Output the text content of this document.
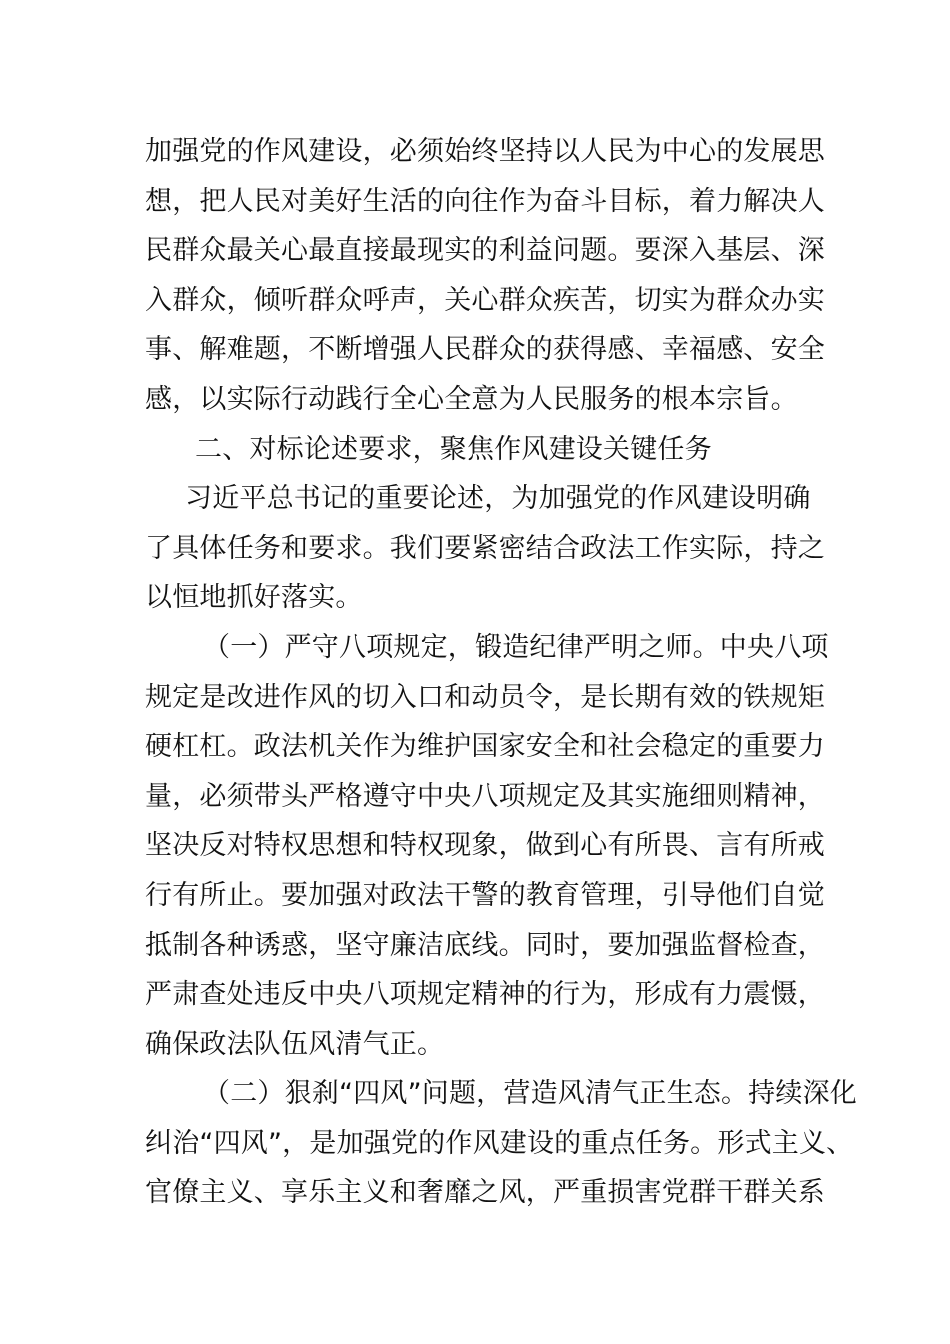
加强党的作风建设，必须始终坚持以人民为中心的发展思
想，把人民对美好生活的向往作为奋斗目标，着力解决人
民群众最关心最直接最现实的利益问题。要深入基层、深
入群众，倾听群众呼声，关心群众疾苦，切实为群众办实
事、解难题，不断增强人民群众的获得感、幸福感、安全
感，以实际行动践行全心全意为人民服务的根本宗旨。
二、对标论述要求，聚焦作风建设关键任务
习近平总书记的重要论述，为加强党的作风建设明确
了具体任务和要求。我们要紧密结合政法工作实际，持之
以恒地抓好落实。
（一）严守八项规定，锻造纪律严明之师。中央八项
规定是改进作风的切入口和动员令，是长期有效的铁规矩
硬杠杠。政法机关作为维护国家安全和社会稳定的重要力
量，必须带头严格遵守中央八项规定及其实施细则精神，
坚决反对特权思想和特权现象，做到心有所畏、言有所戒
行有所止。要加强对政法干警的教育管理，引导他们自觉
抵制各种诱惑，坚守廉洁底线。同时，要加强监督检查，
严肃查处违反中央八项规定精神的行为，形成有力震慑，
确保政法队伍风清气正。
（二）狠刹“四风”问题，营造风清气正生态。持续深化
纠治“四风”，是加强党的作风建设的重点任务。形式主义、
官僚主义、享乐主义和奢靡之风，严重损害党群干群关系
